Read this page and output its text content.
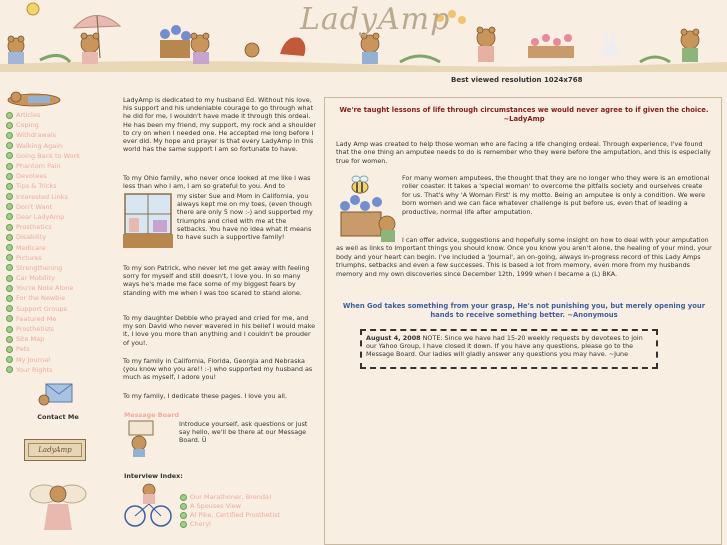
LadyAmp
Best viewed resolution 1024x768
Articles
Coping
Withdrawals
Walking Again
Going Back to Work
Phantom Pain
Devotees
Tips & Tricks
Interested Links
Don't Want
Dear LadyAmp
Prosthetics
Disability
Medicare
Pictures
Strengthening
Car Mobility
You're Note Alone
For the Newbie
Support Groups
Featured Me
Prosthetists
Site Map
Pets
My Journal
Your Rights
Contact Me
LadyAmp
LadyAmp is dedicated to my husband Ed. Without his love, his support and his undeniable courage to go through what he did for me, I wouldn't have made it through this ordeal. He has been my friend, my support, my rock and a shoulder to cry on when I needed one. He accepted me long before I ever did. My hope and prayer is that every LadyAmp in this world has the same support I am so fortunate to have.
To my Ohio family, who never once looked at me like I was less than who I am, I am so grateful to you. And to
my sister Sue and Mom in California, you always kept me on my toes, (even though there are only 5 now :-) and supported my triumphs and cried with me at the setbacks. You have no idea what it means to have such a supportive family!
To my son Patrick, who never let me get away with feeling sorry for myself and still doesn't, I love you. In so many ways he's made me face some of my biggest fears by standing with me when I was too scared to stand alone.
To my daughter Debbie who prayed and cried for me, and my son David who never wavered in his belief I would make it, I love you more than anything and I couldn't be prouder of you!.
To my family in California, Florida, Georgia and Nebraska (you know who you are!! :-) who supported my husband as much as myself, I adore you!
To my family, I dedicate these pages. I love you all.
Message Board
Introduce yourself, ask questions or just say hello, we'll be there at our Message Board. Ü
Interview Index:
Our Marathoner, Brenda!
A Spouses View
Al Pike, Certified Prosthetist
Cheryl
We're taught lessons of life through circumstances we would never agree to if given the choice. ~LadyAmp
Lady Amp was created to help those woman who are facing a life changing ordeal. Through experience, I've found that the one thing an amputee needs to do is remember who they were before the amputation, and this is especially true for women.
For many women amputees, the thought that they are no longer who they were is an emotional roller coaster. It takes a 'special woman' to overcome the pitfalls society and ourselves create for us. That's why 'A Woman First' is my motto. Being an amputee is only a condition. We were born women and we can face whatever challenge is put before us, even that of leading a productive, normal life after amputation.
I can offer advice, suggestions and hopefully some insight on how to deal with your amputation as well as links to important things you should know. Once you know you aren't alone, the healing of your mind, your body and your heart can begin. I've included a 'Journal', an on-going, always in-progress record of this Lady Amps triumphs, setbacks and even a few successes. This is based a lot from memory, even more from my husbands memory and my own discoveries since December 12th, 1999 when I became a (L) BKA.
When God takes something from your grasp, He's not punishing you, but merely opening your hands to receive something better. ~Anonymous
August 4, 2008 NOTE: Since we have had 15-20 weekly requests by devotees to join our Yahoo Group, I have closed it down. If you have any questions, please go to the Message Board. Our ladies will gladly answer any questions you may have. ~June
